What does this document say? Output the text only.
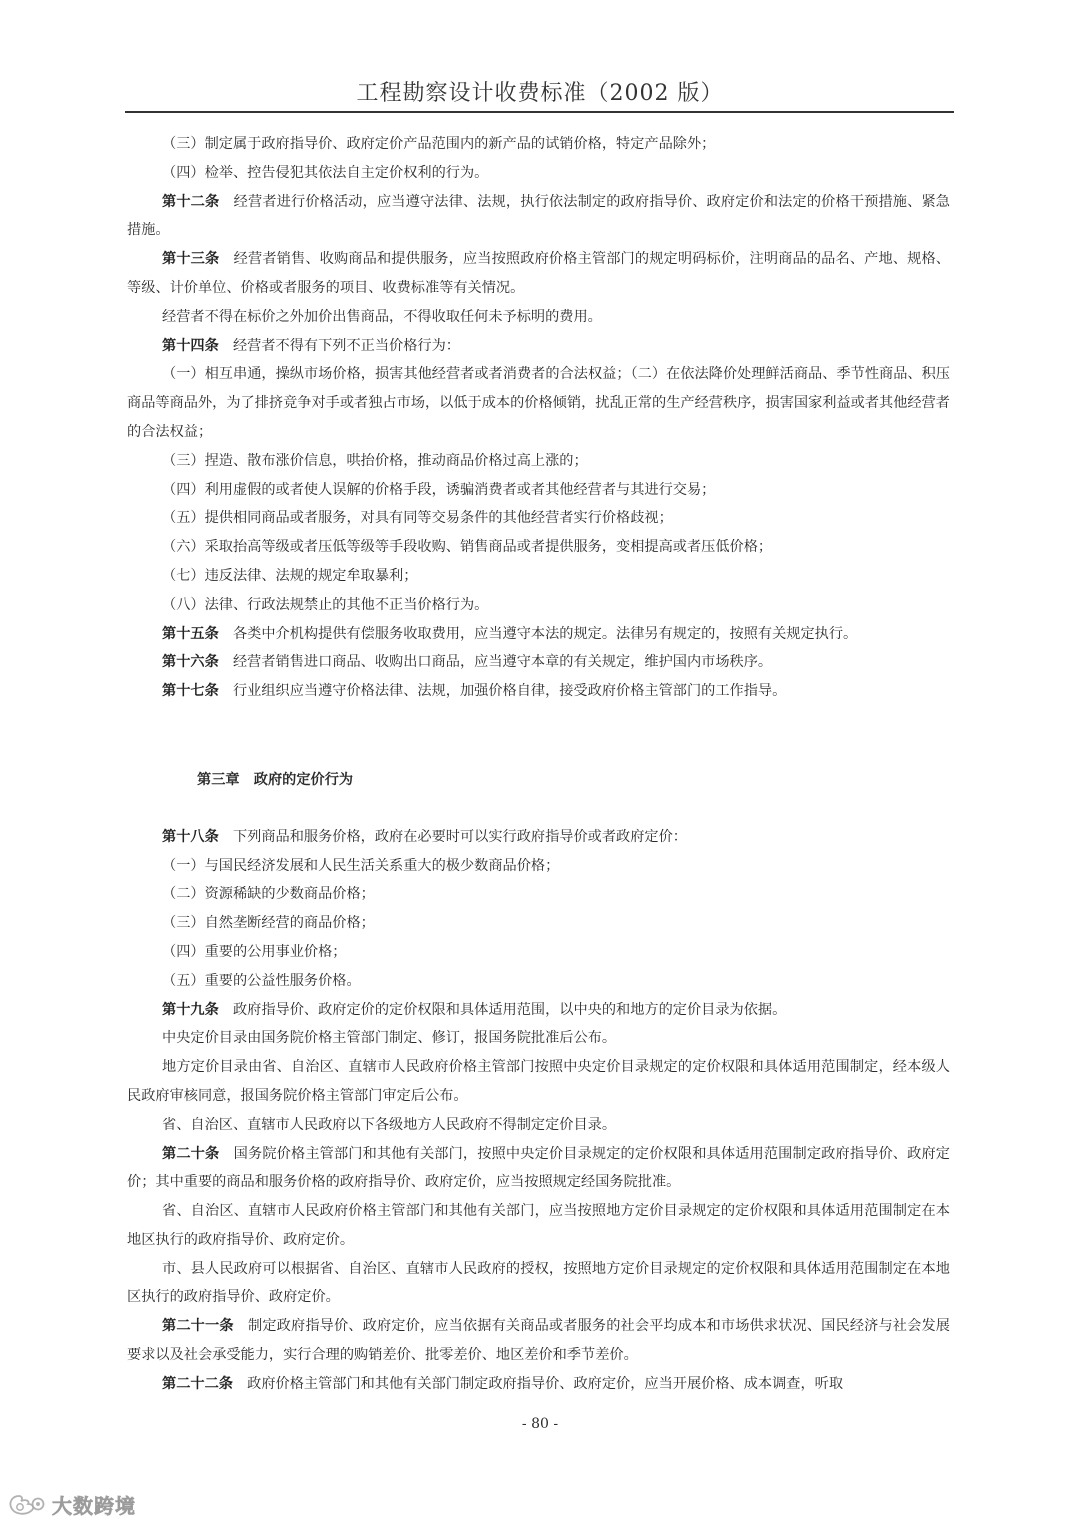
工程勘察设计收费标准（2002 版）

（三）制定属于政府指导价、政府定价产品范围内的新产品的试销价格，特定产品除外；

（四）检举、控告侵犯其依法自主定价权利的行为。

第十二条　 经营者进行价格活动，应当遵守法律、法规，执行依法制定的政府指导价、政府定价和法定的价格干预措施、紧急措施。

第十三条　 经营者销售、收购商品和提供服务，应当按照政府价格主管部门的规定明码标价，注明商品的品名、产地、规格、等级、计价单位、价格或者服务的项目、收费标准等有关情况。

经营者不得在标价之外加价出售商品，不得收取任何未予标明的费用。

第十四条　 经营者不得有下列不正当价格行为：

（一）相互串通，操纵市场价格，损害其他经营者或者消费者的合法权益；（二）在依法降价处理鲜活商品、季节性商品、积压商品等商品外，为了排挤竞争对手或者独占市场，以低于成本的价格倾销，扰乱正常的生产经营秩序，损害国家利益或者其他经营者的合法权益；

（三）捏造、散布涨价信息，哄抬价格，推动商品价格过高上涨的；

（四）利用虚假的或者使人误解的价格手段，诱骗消费者或者其他经营者与其进行交易；

（五）提供相同商品或者服务，对具有同等交易条件的其他经营者实行价格歧视；

（六）采取抬高等级或者压低等级等手段收购、销售商品或者提供服务，变相提高或者压低价格；

（七）违反法律、法规的规定牟取暴利；

（八）法律、行政法规禁止的其他不正当价格行为。

第十五条　 各类中介机构提供有偿服务收取费用，应当遵守本法的规定。法律另有规定的，按照有关规定执行。

第十六条　 经营者销售进口商品、收购出口商品，应当遵守本章的有关规定，维护国内市场秩序。

第十七条　 行业组织应当遵守价格法律、法规，加强价格自律，接受政府价格主管部门的工作指导。

第三章　 政府的定价行为

第十八条　 下列商品和服务价格，政府在必要时可以实行政府指导价或者政府定价：

（一）与国民经济发展和人民生活关系重大的极少数商品价格；

（二）资源稀缺的少数商品价格；

（三）自然垄断经营的商品价格；

（四）重要的公用事业价格；

（五）重要的公益性服务价格。

第十九条　 政府指导价、政府定价的定价权限和具体适用范围，以中央的和地方的定价目录为依据。

中央定价目录由国务院价格主管部门制定、修订，报国务院批准后公布。

地方定价目录由省、自治区、直辖市人民政府价格主管部门按照中央定价目录规定的定价权限和具体适用范围制定，经本级人民政府审核同意，报国务院价格主管部门审定后公布。

省、自治区、直辖市人民政府以下各级地方人民政府不得制定定价目录。

第二十条　 国务院价格主管部门和其他有关部门，按照中央定价目录规定的定价权限和具体适用范围制定政府指导价、政府定价；其中重要的商品和服务价格的政府指导价、政府定价，应当按照规定经国务院批准。

省、自治区、直辖市人民政府价格主管部门和其他有关部门，应当按照地方定价目录规定的定价权限和具体适用范围制定在本地区执行的政府指导价、政府定价。

市、县人民政府可以根据省、自治区、直辖市人民政府的授权，按照地方定价目录规定的定价权限和具体适用范围制定在本地区执行的政府指导价、政府定价。

第二十一条　 制定政府指导价、政府定价，应当依据有关商品或者服务的社会平均成本和市场供求状况、国民经济与社会发展要求以及社会承受能力，实行合理的购销差价、批零差价、地区差价和季节差价。

第二十二条　 政府价格主管部门和其他有关部门制定政府指导价、政府定价，应当开展价格、成本调查，听取

- 80 -
大数跨境
